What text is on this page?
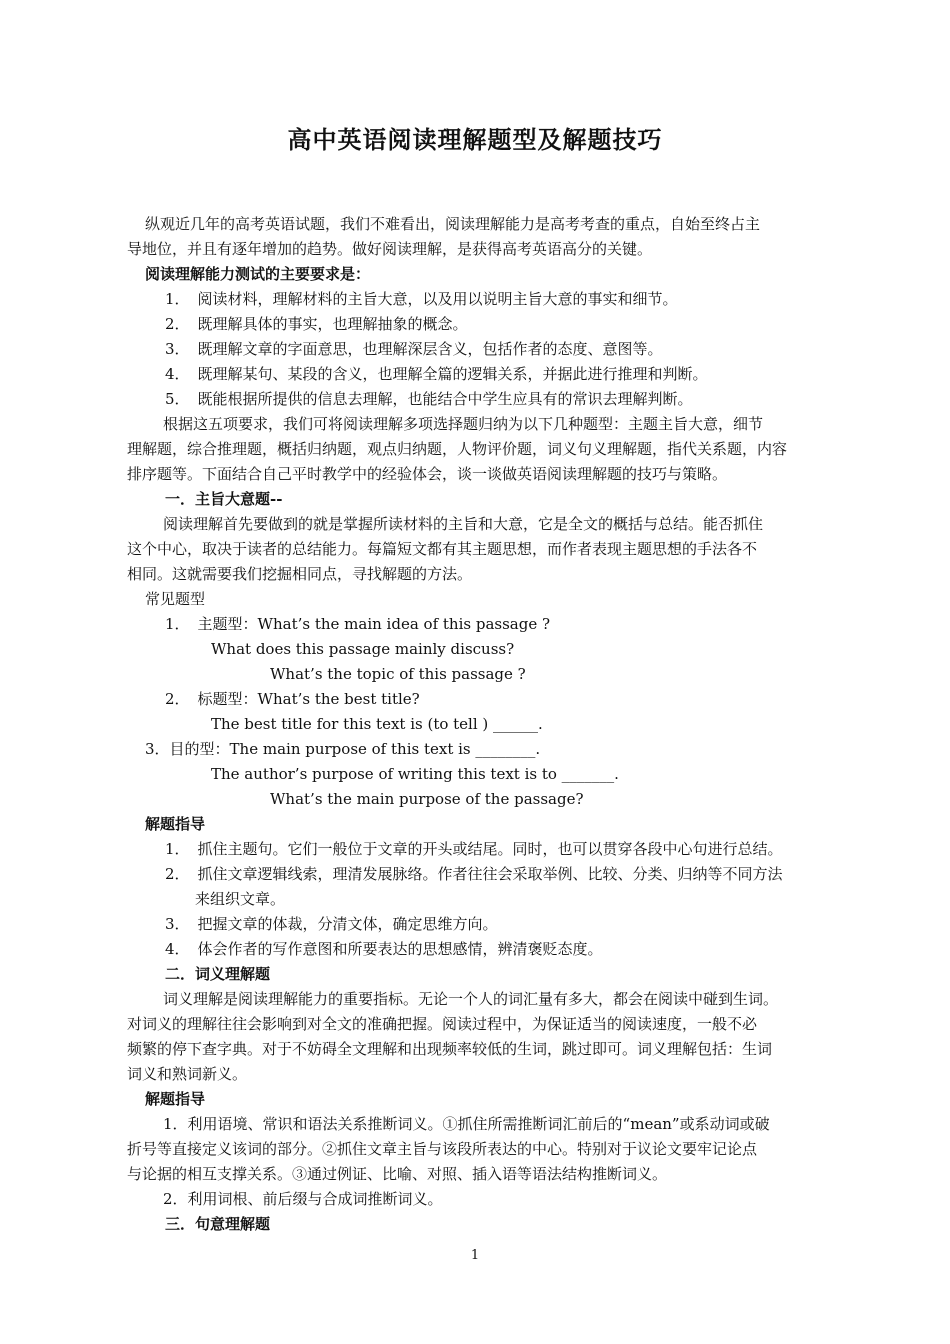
高中英语阅读理解题型及解题技巧
纵观近几年的高考英语试题，我们不难看出，阅读理解能力是高考考查的重点，自始至终占主
导地位，并且有逐年增加的趋势。做好阅读理解，是获得高考英语高分的关键。
阅读理解能力测试的主要要求是：
1． 阅读材料，理解材料的主旨大意，以及用以说明主旨大意的事实和细节。
2． 既理解具体的事实，也理解抽象的概念。
3． 既理解文章的字面意思，也理解深层含义，包括作者的态度、意图等。
4． 既理解某句、某段的含义，也理解全篇的逻辑关系，并据此进行推理和判断。
5． 既能根据所提供的信息去理解，也能结合中学生应具有的常识去理解判断。
根据这五项要求，我们可将阅读理解多项选择题归纳为以下几种题型：主题主旨大意，细节
理解题，综合推理题，概括归纳题，观点归纳题，人物评价题，词义句义理解题，指代关系题，内容
排序题等。下面结合自己平时教学中的经验体会，谈一谈做英语阅读理解题的技巧与策略。
一．主旨大意题--
阅读理解首先要做到的就是掌握所读材料的主旨和大意，它是全文的概括与总结。能否抓住
这个中心，取决于读者的总结能力。每篇短文都有其主题思想，而作者表现主题思想的手法各不
相同。这就需要我们挖掘相同点，寻找解题的方法。
常见题型
1． 主题型：What’s the main idea of this passage ?
What does this passage mainly discuss?
What’s the topic of this passage ?
2． 标题型：What’s the best title?
The best title for this text is (to tell ) ______.
3．目的型：The main purpose of this text is ________.
The author’s purpose of writing this text is to _______.
What’s the main purpose of the passage?
解题指导
1． 抓住主题句。它们一般位于文章的开头或结尾。同时，也可以贯穿各段中心句进行总结。
2． 抓住文章逻辑线索，理清发展脉络。作者往往会采取举例、比较、分类、归纳等不同方法
来组织文章。
3． 把握文章的体裁，分清文体，确定思维方向。
4． 体会作者的写作意图和所要表达的思想感情，辨清褒贬态度。
二．词义理解题
词义理解是阅读理解能力的重要指标。无论一个人的词汇量有多大，都会在阅读中碰到生词。
对词义的理解往往会影响到对全文的准确把握。阅读过程中，为保证适当的阅读速度，一般不必
频繁的停下查字典。对于不妨碍全文理解和出现频率较低的生词，跳过即可。词义理解包括：生词
词义和熟词新义。
解题指导
1．利用语境、常识和语法关系推断词义。①抓住所需推断词汇前后的“mean”或系动词或破
折号等直接定义该词的部分。②抓住文章主旨与该段所表达的中心。特别对于议论文要牢记论点
与论据的相互支撑关系。③通过例证、比喻、对照、插入语等语法结构推断词义。
2．利用词根、前后缀与合成词推断词义。
三．句意理解题
1
